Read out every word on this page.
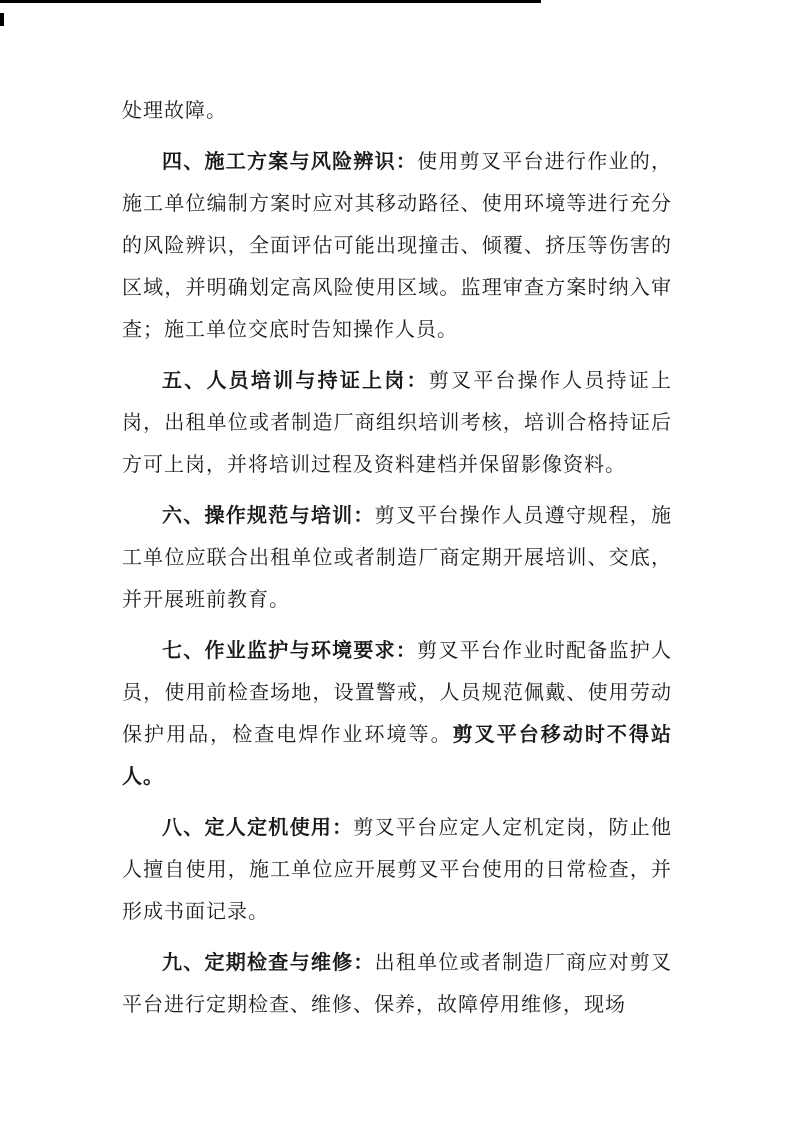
处理故障。

四、施工方案与风险辨识：使用剪叉平台进行作业的，施工单位编制方案时应对其移动路径、使用环境等进行充分的风险辨识，全面评估可能出现撞击、倾覆、挤压等伤害的区域，并明确划定高风险使用区域。监理审查方案时纳入审查；施工单位交底时告知操作人员。

五、人员培训与持证上岗：剪叉平台操作人员持证上岗，出租单位或者制造厂商组织培训考核，培训合格持证后方可上岗，并将培训过程及资料建档并保留影像资料。

六、操作规范与培训：剪叉平台操作人员遵守规程，施工单位应联合出租单位或者制造厂商定期开展培训、交底，并开展班前教育。

七、作业监护与环境要求：剪叉平台作业时配备监护人员，使用前检查场地，设置警戒，人员规范佩戴、使用劳动保护用品，检查电焊作业环境等。剪叉平台移动时不得站人。

八、定人定机使用：剪叉平台应定人定机定岗，防止他人擅自使用，施工单位应开展剪叉平台使用的日常检查，并形成书面记录。

九、定期检查与维修：出租单位或者制造厂商应对剪叉平台进行定期检查、维修、保养，故障停用维修，现场
